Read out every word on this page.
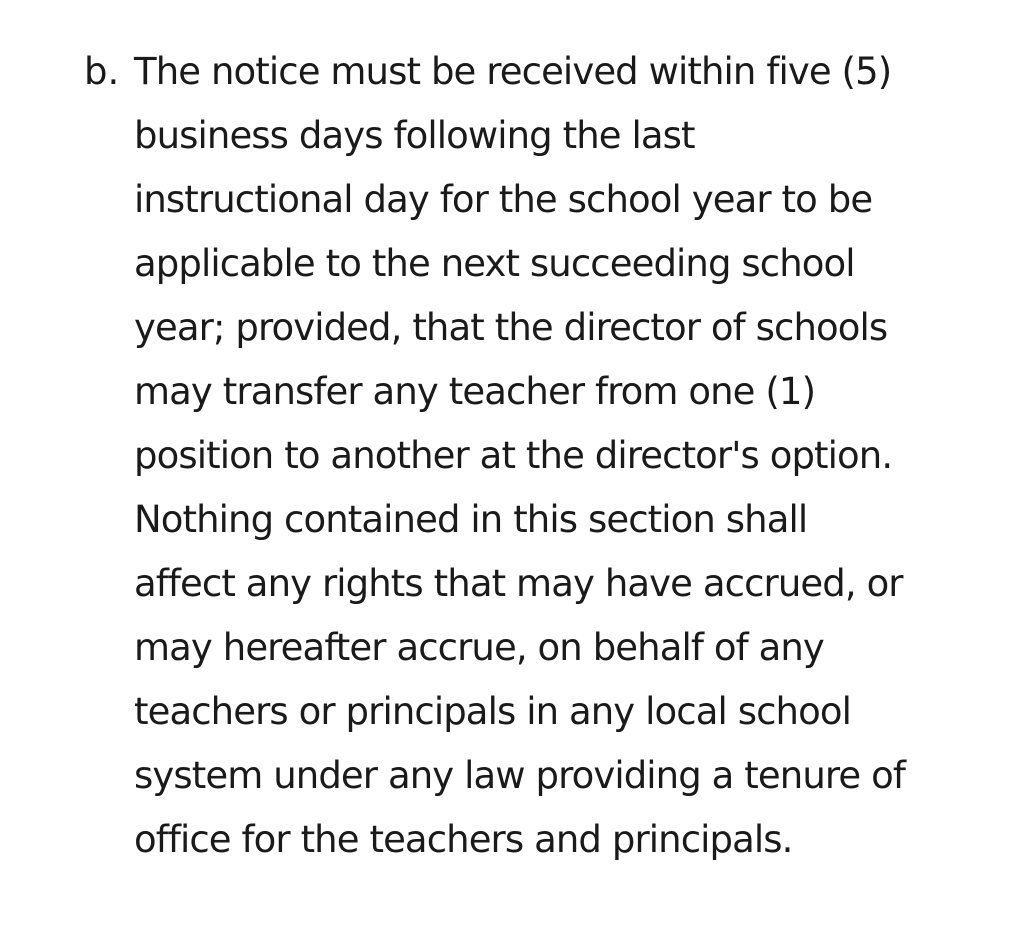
b. The notice must be received within five (5)
business days following the last
instructional day for the school year to be
applicable to the next succeeding school
year; provided, that the director of schools
may transfer any teacher from one (1)
position to another at the director's option.
Nothing contained in this section shall
affect any rights that may have accrued, or
may hereafter accrue, on behalf of any
teachers or principals in any local school
system under any law providing a tenure of
office for the teachers and principals.
